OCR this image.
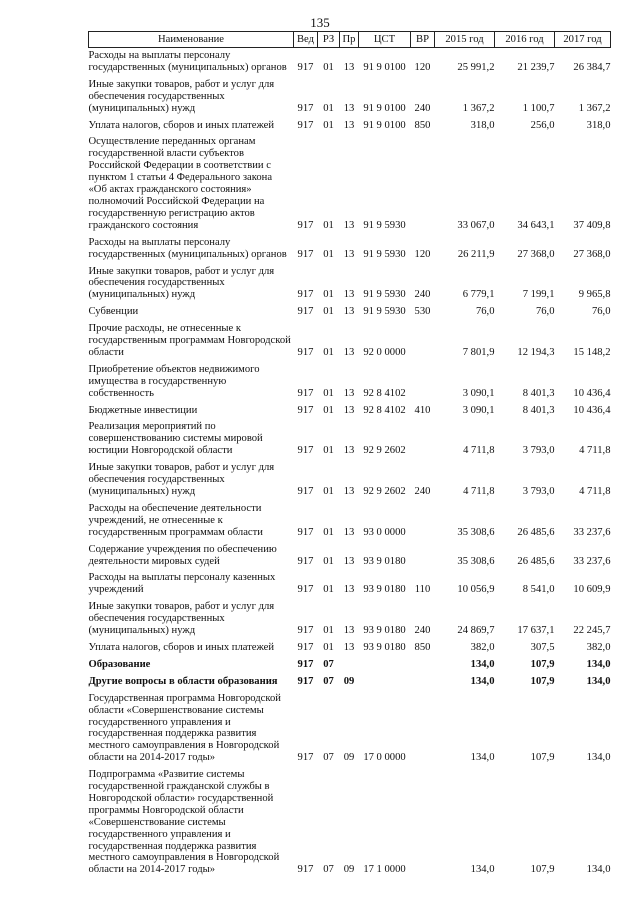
135
Наименование	Вед	РЗ	Пр	ЦСТ	ВР	2015 год	2016 год	2017 год
Расходы на выплаты персоналу государственных (муниципальных) органов	917	01	13	91 9 0100	120	25 991,2	21 239,7	26 384,7
Иные закупки товаров, работ и услуг для обеспечения государственных (муниципальных) нужд	917	01	13	91 9 0100	240	1 367,2	1 100,7	1 367,2
Уплата налогов, сборов и иных платежей	917	01	13	91 9 0100	850	318,0	256,0	318,0
Осуществление переданных органам государственной власти субъектов Российской Федерации в соответствии с пунктом 1 статьи 4 Федерального закона «Об актах гражданского состояния» полномочий Российской Федерации на государственную регистрацию актов гражданского состояния	917	01	13	91 9 5930		33 067,0	34 643,1	37 409,8
Расходы на выплаты персоналу государственных (муниципальных) органов	917	01	13	91 9 5930	120	26 211,9	27 368,0	27 368,0
Иные закупки товаров, работ и услуг для обеспечения государственных (муниципальных) нужд	917	01	13	91 9 5930	240	6 779,1	7 199,1	9 965,8
Субвенции	917	01	13	91 9 5930	530	76,0	76,0	76,0
Прочие расходы, не отнесенные к государственным программам Новгородской области	917	01	13	92 0 0000		7 801,9	12 194,3	15 148,2
Приобретение объектов недвижимого имущества в государственную собственность	917	01	13	92 8 4102		3 090,1	8 401,3	10 436,4
Бюджетные инвестиции	917	01	13	92 8 4102	410	3 090,1	8 401,3	10 436,4
Реализация мероприятий по совершенствованию системы мировой юстиции Новгородской области	917	01	13	92 9 2602		4 711,8	3 793,0	4 711,8
Иные закупки товаров, работ и услуг для обеспечения государственных (муниципальных) нужд	917	01	13	92 9 2602	240	4 711,8	3 793,0	4 711,8
Расходы на обеспечение деятельности учреждений, не отнесенные к государственным программам области	917	01	13	93 0 0000		35 308,6	26 485,6	33 237,6
Содержание учреждения по обеспечению деятельности мировых судей	917	01	13	93 9 0180		35 308,6	26 485,6	33 237,6
Расходы на выплаты персоналу казенных учреждений	917	01	13	93 9 0180	110	10 056,9	8 541,0	10 609,9
Иные закупки товаров, работ и услуг для обеспечения государственных (муниципальных) нужд	917	01	13	93 9 0180	240	24 869,7	17 637,1	22 245,7
Уплата налогов, сборов и иных платежей	917	01	13	93 9 0180	850	382,0	307,5	382,0
Образование	917	07				134,0	107,9	134,0
Другие вопросы в области образования	917	07	09			134,0	107,9	134,0
Государственная программа Новгородской области «Совершенствование системы государственного управления и государственная поддержка развития местного самоуправления в Новгородской области на 2014-2017 годы»	917	07	09	17 0 0000		134,0	107,9	134,0
Подпрограмма «Развитие системы государственной гражданской службы в Новгородской области» государственной программы Новгородской области «Совершенствование системы государственного управления и государственная поддержка развития местного самоуправления в Новгородской области на 2014-2017 годы»	917	07	09	17 1 0000		134,0	107,9	134,0
